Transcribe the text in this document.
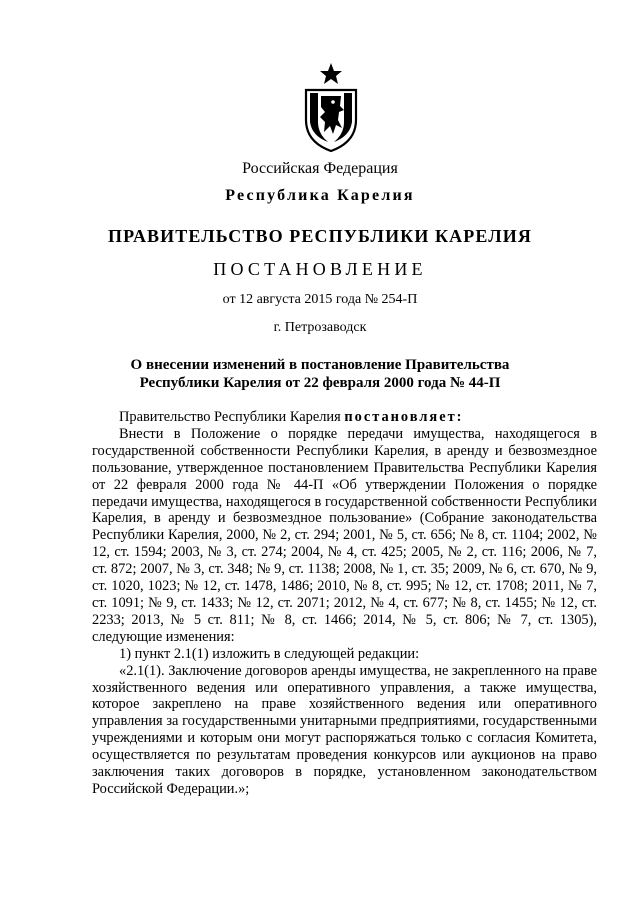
Российская Федерация
Республика Карелия
ПРАВИТЕЛЬСТВО РЕСПУБЛИКИ КАРЕЛИЯ
ПОСТАНОВЛЕНИЕ
от 12 августа 2015 года № 254-П
г. Петрозаводск
О внесении изменений в постановление Правительства
Республики Карелия от 22 февраля 2000 года № 44-П

Правительство Республики Карелия постановляет:

Внести в Положение о порядке передачи имущества, находящегося в государственной собственности Республики Карелия, в аренду и безвозмездное пользование, утвержденное постановлением Правительства Республики Карелия от 22 февраля 2000 года № 44-П «Об утверждении Положения о порядке передачи имущества, находящегося в государственной собственности Республики Карелия, в аренду и безвозмездное пользование» (Собрание законодательства Республики Карелия, 2000, № 2, ст. 294; 2001, № 5, ст. 656; № 8, ст. 1104; 2002, № 12, ст. 1594; 2003, № 3, ст. 274; 2004, № 4, ст. 425; 2005, № 2, ст. 116; 2006, № 7, ст. 872; 2007, № 3, ст. 348; № 9, ст. 1138; 2008, № 1, ст. 35; 2009, № 6, ст. 670, № 9, ст. 1020, 1023; № 12, ст. 1478, 1486; 2010, № 8, ст. 995; № 12, ст. 1708; 2011, № 7, ст. 1091; № 9, ст. 1433; № 12, ст. 2071; 2012, № 4, ст. 677; № 8, ст. 1455; № 12, ст. 2233; 2013, № 5 ст. 811; № 8, ст. 1466; 2014, № 5, ст. 806; № 7, ст. 1305), следующие изменения:

1) пункт 2.1(1) изложить в следующей редакции:

«2.1(1). Заключение договоров аренды имущества, не закрепленного на праве хозяйственного ведения или оперативного управления, а также имущества, которое закреплено на праве хозяйственного ведения или оперативного управления за государственными унитарными предприятиями, государственными учреждениями и которым они могут распоряжаться только с согласия Комитета, осуществляется по результатам проведения конкурсов или аукционов на право заключения таких договоров в порядке, установленном законодательством Российской Федерации.»;
